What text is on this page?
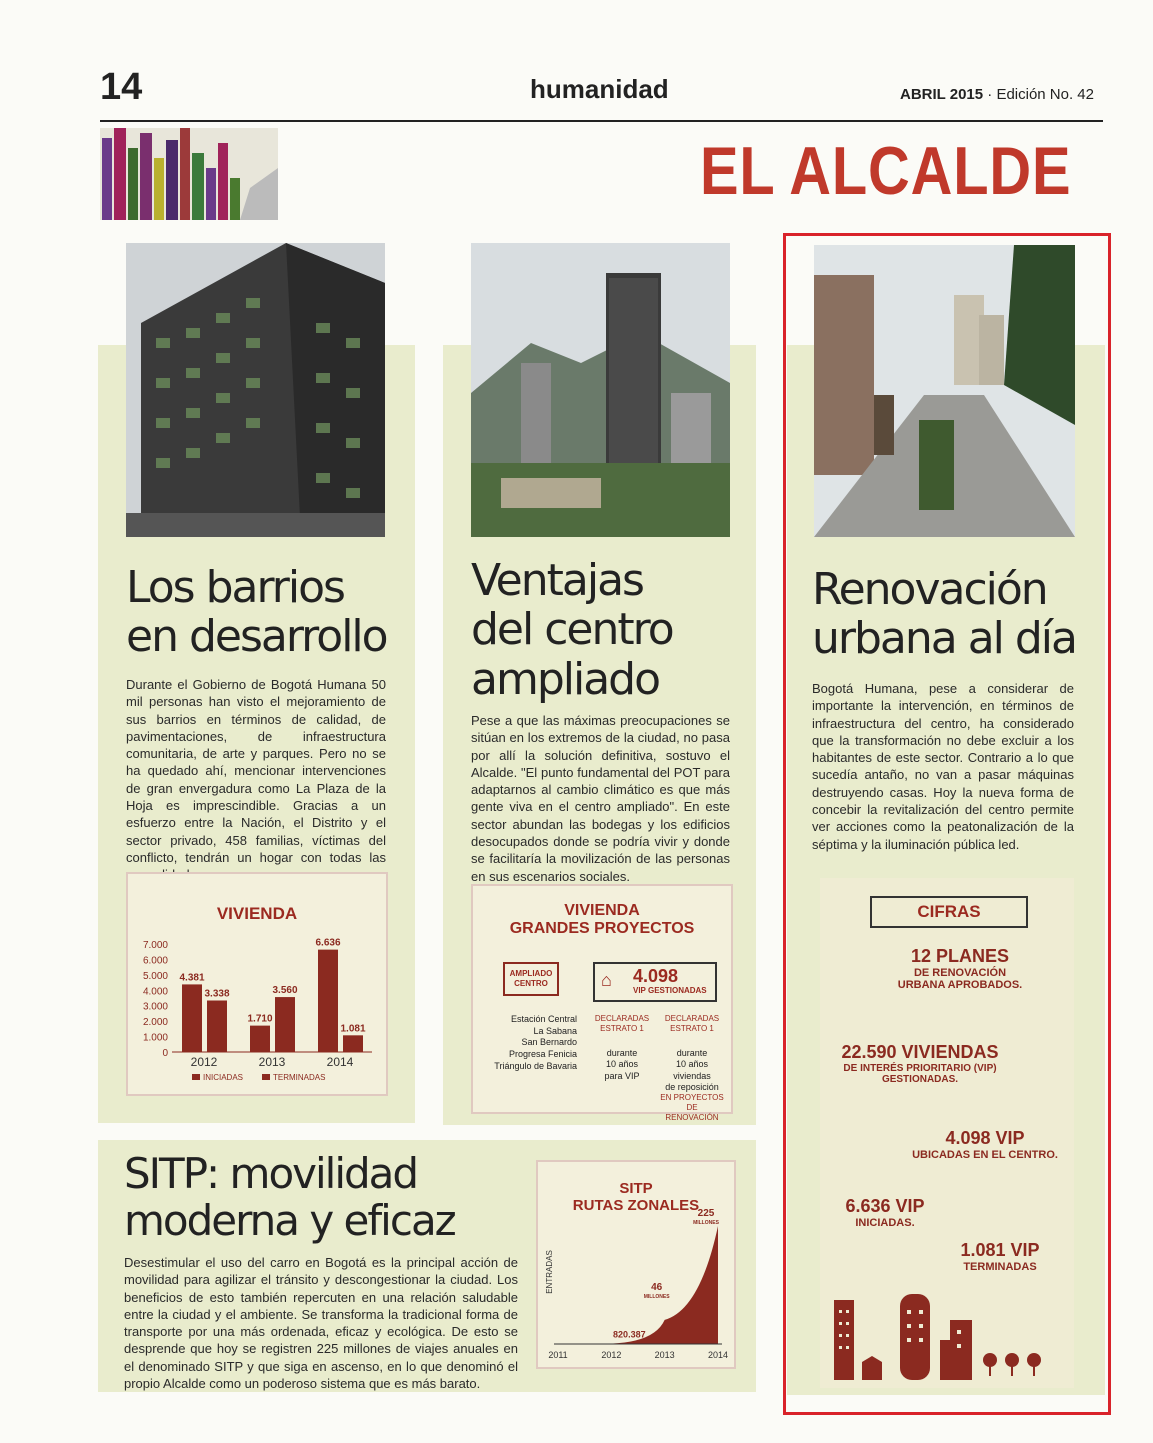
14	humanidad	ABRIL 2015 · Edición No. 42
EL ALCALDE
Los barrios
en desarrollo
Durante el Gobierno de Bogotá Humana 50 mil personas han visto el mejoramiento de sus barrios en términos de calidad, de pavimentaciones, de infraestructura comunitaria, de arte y parques. Pero no se ha quedado ahí, mencionar intervenciones de gran envergadura como La Plaza de la Hoja es imprescindible. Gracias a un esfuerzo entre la Nación, el Distrito y el sector privado, 458 familias, víctimas del conflicto, tendrán un hogar con todas las
VIVIENDA
7.000
6.000
5.000
4.000
3.000
2.000
1.000
0
4.381
3.338
2012
1.710
3.560
2013
6.636
1.081
2014
INICIADAS	TERMINADAS
Ventajas
del centro
ampliado
Pese a que las máximas preocupaciones se sitúan en los extremos de la ciudad, no pasa por allí la solución definitiva, sostuvo el Alcalde. "El punto fundamental del POT para adaptarnos al cambio climático es que más gente viva en el centro ampliado". En este sector abundan las bodegas y los edificios desocupados donde se podría vivir y donde se facilitaría la movilización de las personas en sus escenarios sociales.
VIVIENDA
GRANDES PROYECTOS
AMPLIADO
CENTRO	⌂ 4.098
VIP GESTIONADAS
Estación Central
La Sabana
San Bernardo
Progresa Fenicia
Triángulo de Bavaria
DECLARADAS
ESTRATO 1
durante
10 años
para VIP
DECLARADAS
ESTRATO 1
durante
10 años
viviendas
de reposición
EN PROYECTOS
DE RENOVACIÓN
Renovación
urbana al día
Bogotá Humana, pese a considerar de importante la intervención, en términos de infraestructura del centro, ha considerado que la transformación no debe excluir a los habitantes de este sector. Contrario a lo que sucedía antaño, no van a pasar máquinas destruyendo casas. Hoy la nueva forma de concebir la revitalización del centro permite ver acciones como la peatonalización de la séptima y la iluminación pública led.
CIFRAS
12 PLANES
DE RENOVACIÓN
URBANA APROBADOS.
22.590 VIVIENDAS
DE INTERÉS PRIORITARIO (VIP)
GESTIONADAS.
4.098 VIP
UBICADAS EN EL CENTRO.
6.636 VIP
INICIADAS.
1.081 VIP
TERMINADAS
SITP: movilidad
moderna y eficaz
Desestimular el uso del carro en Bogotá es la principal acción de movilidad para agilizar el tránsito y descongestionar la ciudad. Los beneficios de esto también repercuten en una relación saludable entre la ciudad y el ambiente. Se transforma la tradicional forma de transporte por una más ordenada, eficaz y ecológica. De esto se desprende que hoy se registren 225 millones de viajes anuales en el denominado SITP y que siga en ascenso, en lo que denominó el propio Alcalde como un poderoso sistema que es más barato.
SITP
RUTAS ZONALES
ENTRADAS
2011	2012	2013	2014
820.387
46
MILLONES
225
MILLONES
